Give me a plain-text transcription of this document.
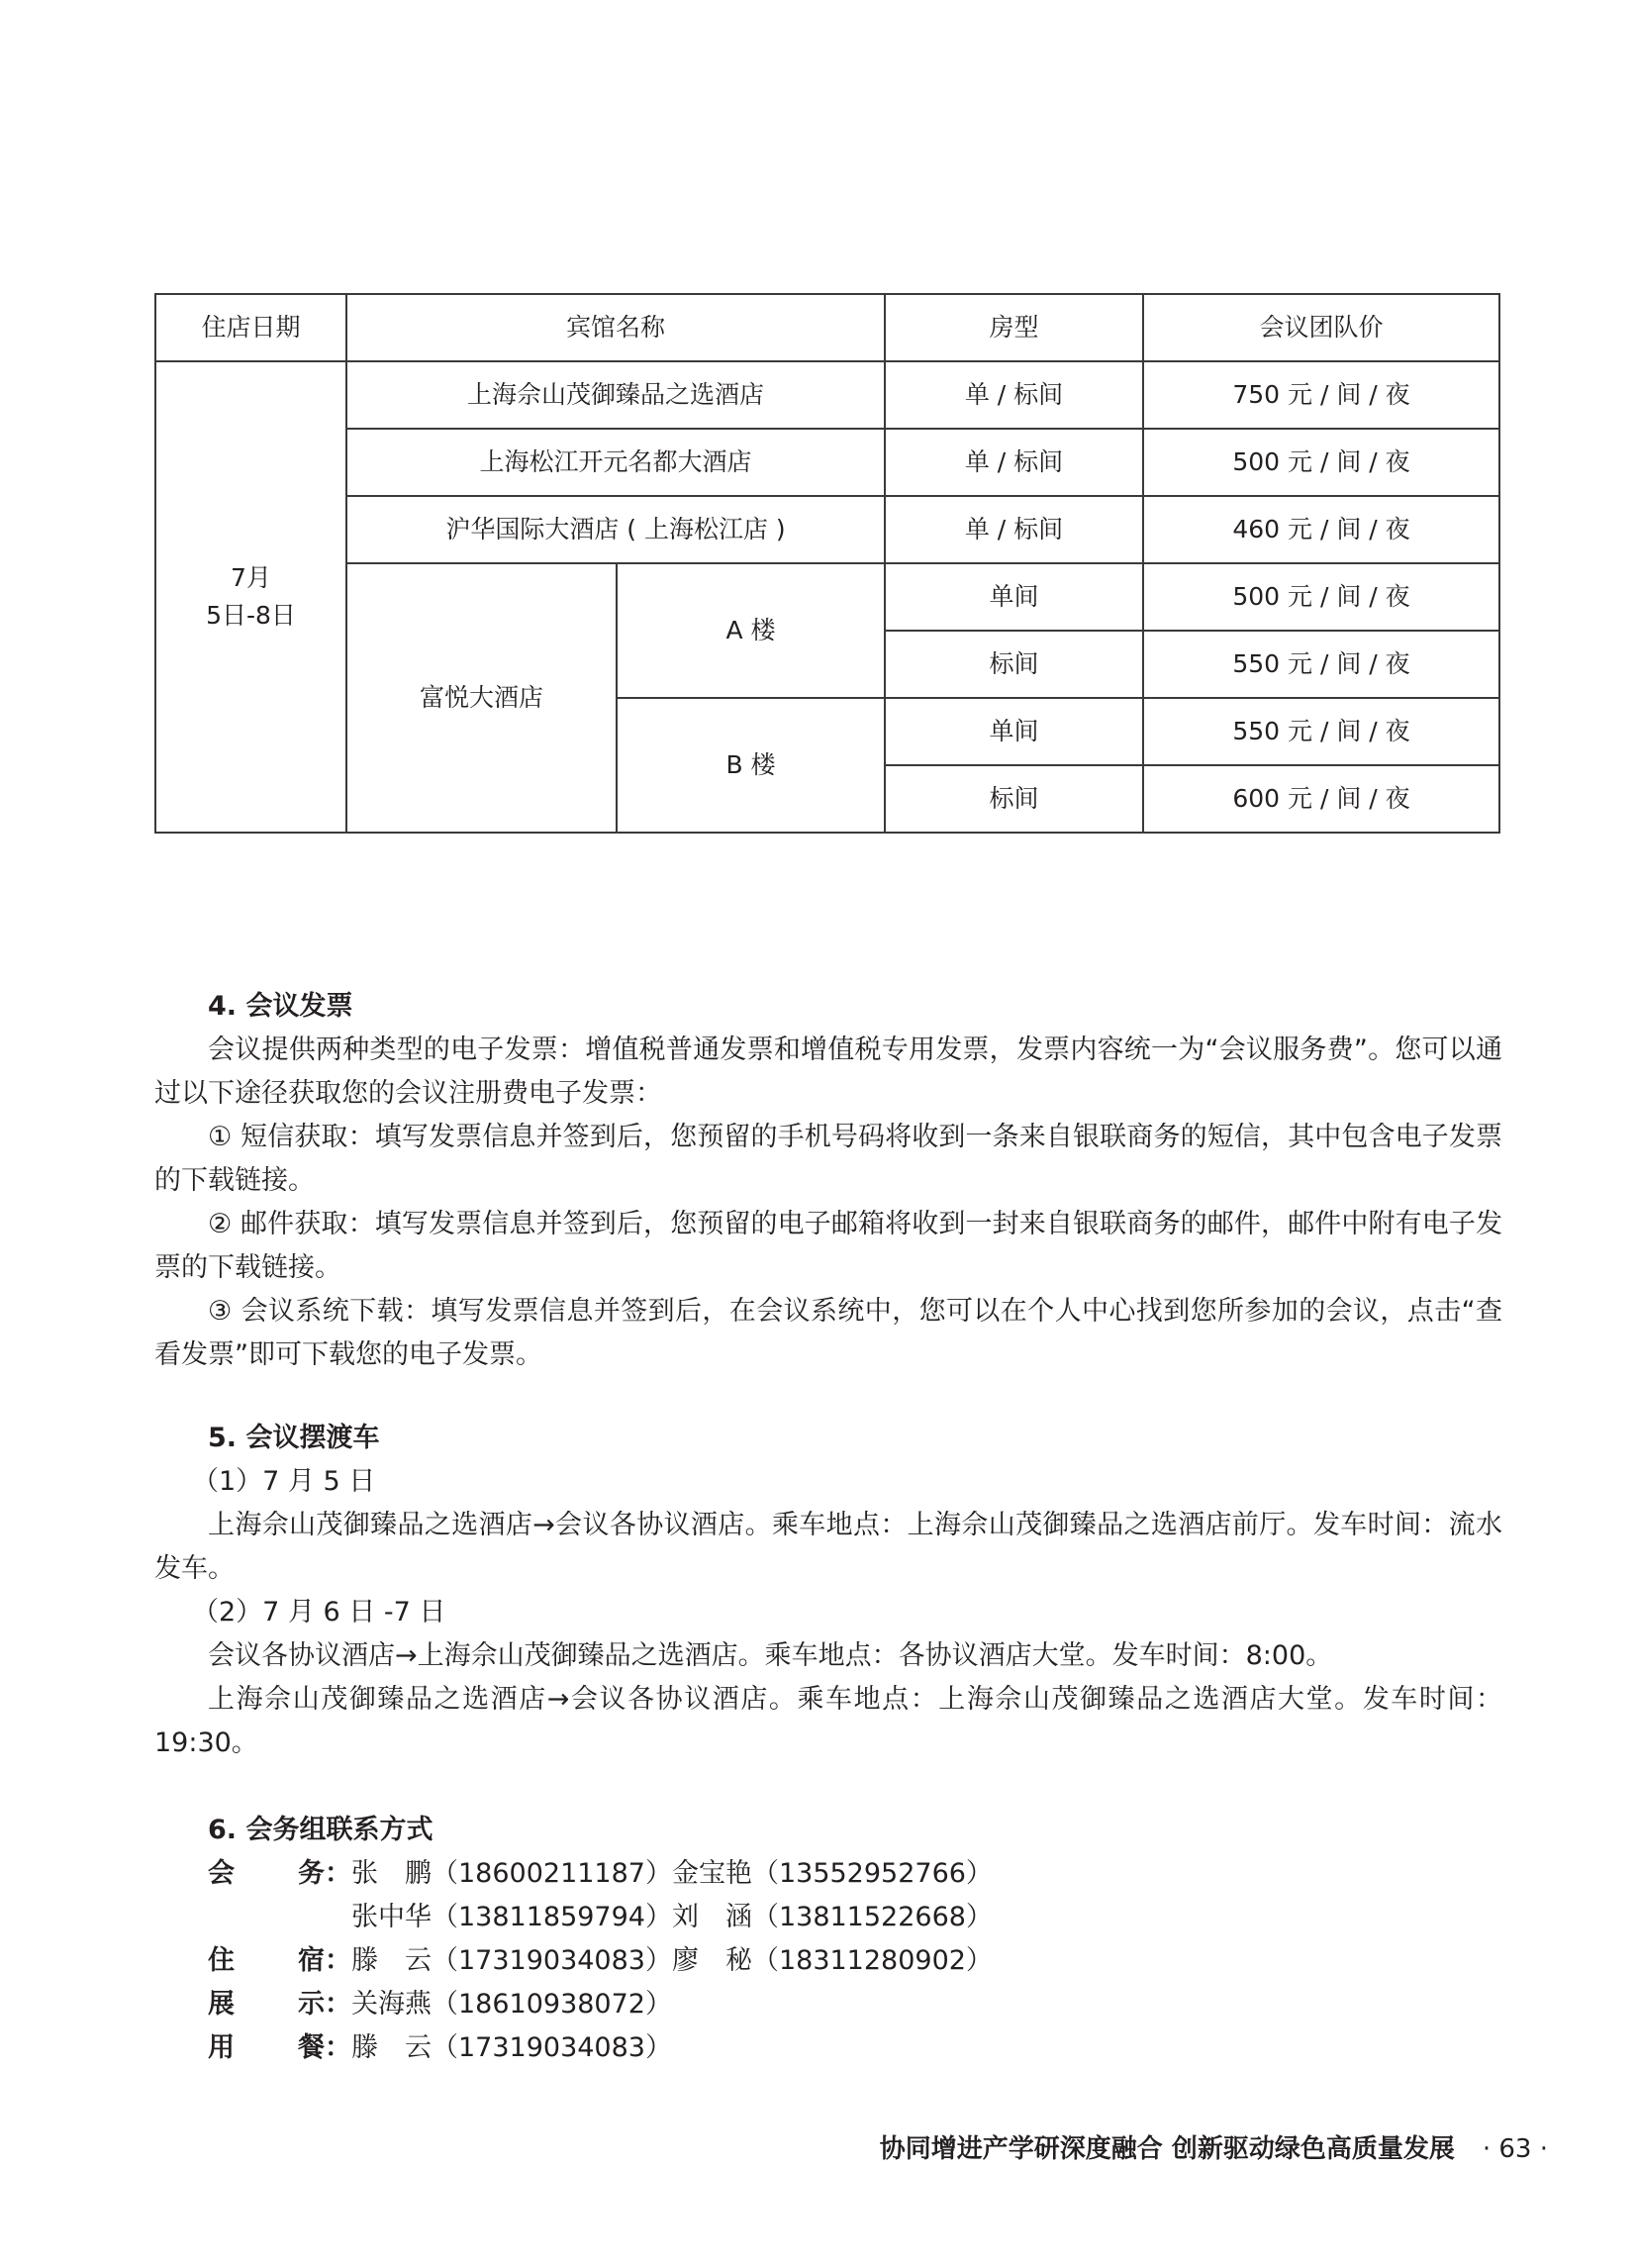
住店日期	宾馆名称		房型	会议团队价
7月
5日-8日	上海佘山茂御臻品之选酒店		单 / 标间	750 元 / 间 / 夜
	上海松江开元名都大酒店		单 / 标间	500 元 / 间 / 夜
	沪华国际大酒店 ( 上海松江店 )		单 / 标间	460 元 / 间 / 夜
	富悦大酒店	A 楼	单间	500 元 / 间 / 夜
			标间	550 元 / 间 / 夜
		B 楼	单间	550 元 / 间 / 夜
			标间	600 元 / 间 / 夜
4. 会议发票

会议提供两种类型的电子发票：增值税普通发票和增值税专用发票，发票内容统一为“会议服务费”。您可以通过以下途径获取您的会议注册费电子发票：

① 短信获取：填写发票信息并签到后，您预留的手机号码将收到一条来自银联商务的短信，其中包含电子发票的下载链接。

② 邮件获取：填写发票信息并签到后，您预留的电子邮箱将收到一封来自银联商务的邮件，邮件中附有电子发票的下载链接。

③ 会议系统下载：填写发票信息并签到后，在会议系统中，您可以在个人中心找到您所参加的会议，点击“查看发票”即可下载您的电子发票。

5. 会议摆渡车

（1）7 月 5 日

上海佘山茂御臻品之选酒店→会议各协议酒店。乘车地点：上海佘山茂御臻品之选酒店前厅。发车时间：流水发车。

（2）7 月 6 日 -7 日

会议各协议酒店→上海佘山茂御臻品之选酒店。乘车地点：各协议酒店大堂。发车时间：8:00。

上海佘山茂御臻品之选酒店→会议各协议酒店。乘车地点：上海佘山茂御臻品之选酒店大堂。发车时间：19:30。

6. 会务组联系方式
会 务： 张　鹏（18600211187）金宝艳（13552952766）
张中华（13811859794）刘　涵（13811522668）
住 宿： 滕　云（17319034083）廖　秘（18311280902）
展 示： 关海燕（18610938072）
用 餐： 滕　云（17319034083）
协同增进产学研深度融合 创新驱动绿色高质量发展 · 63 ·
